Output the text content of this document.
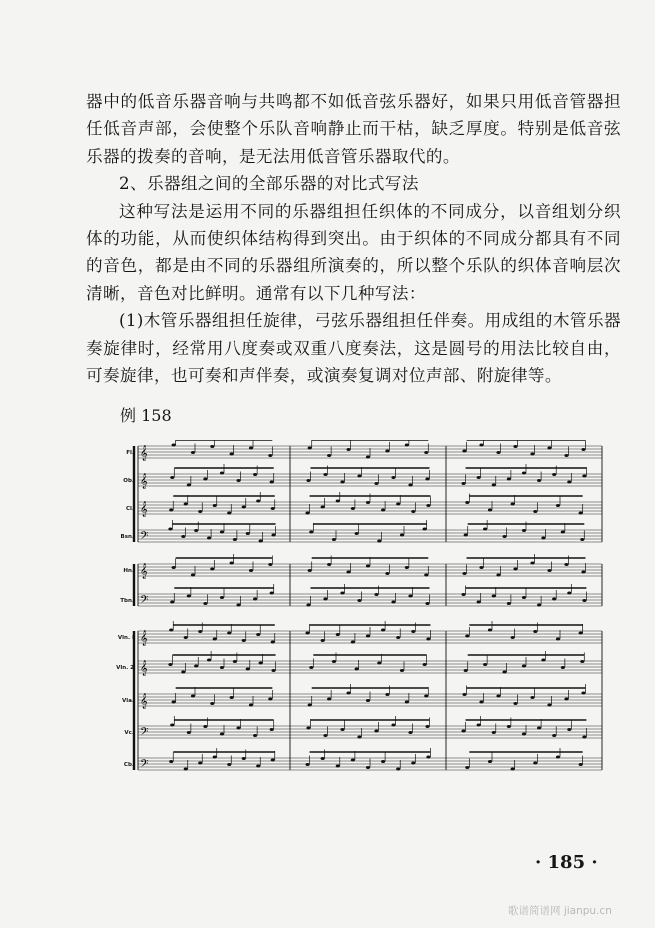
器中的低音乐器音响与共鸣都不如低音弦乐器好，如果只用低音管器担任低音声部，会使整个乐队音响静止而干枯，缺乏厚度。特别是低音弦乐器的拨奏的音响，是无法用低音管乐器取代的。

2、乐器组之间的全部乐器的对比式写法

这种写法是运用不同的乐器组担任织体的不同成分，以音组划分织体的功能，从而使织体结构得到突出。由于织体的不同成分都具有不同的音色，都是由不同的乐器组所演奏的，所以整个乐队的织体音响层次清晰，音色对比鲜明。通常有以下几种写法：

(1)木管乐器组担任旋律，弓弦乐器组担任伴奏。用成组的木管乐器奏旋律时，经常用八度奏或双重八度奏法，这是圆号的用法比较自由，可奏旋律，也可奏和声伴奏，或演奏复调对位声部、附旋律等。

例 158
Fl.
Ob.
Cl.
Bsn.
Hn.
Tbn.
Vln. I
Vln. 2
Vla.
Vc.
Cb.
𝄞
𝄞
𝄞
𝄢
𝄞
𝄢
𝄞
𝄞
𝄞
𝄢
𝄢
· 185 ·
歌谱简谱网 jianpu.cn
